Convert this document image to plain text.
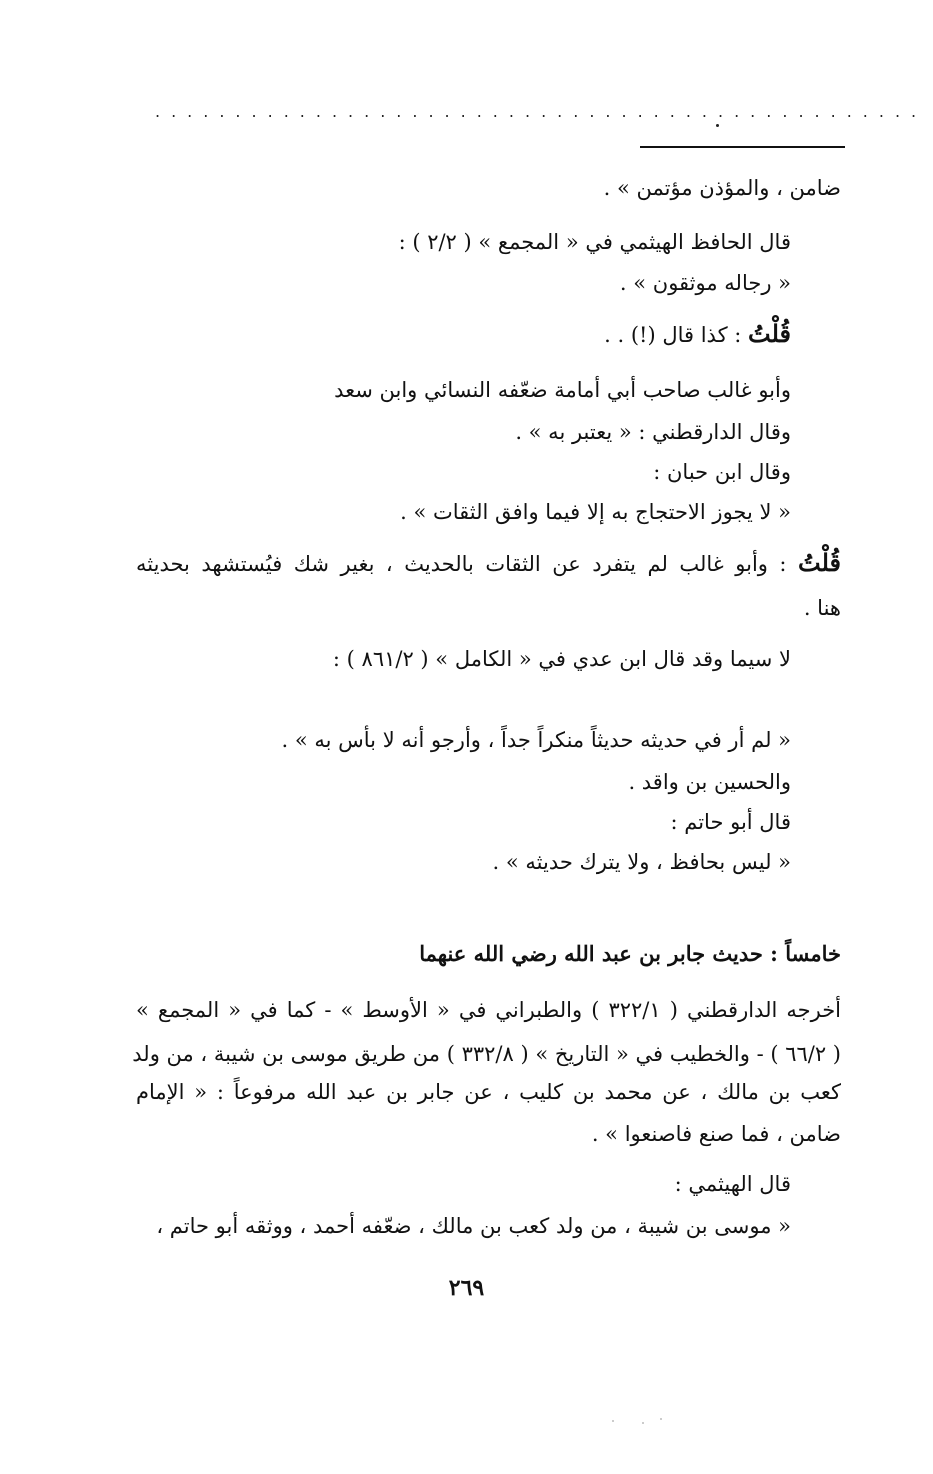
................................................
ضامن ، والمؤذن مؤتمن » .
قال الحافظ الهيثمي في « المجمع » ( ٢/٢ ) :
« رجاله موثقون » .
قُلْتُ : كذا قال (!) . .
وأبو غالب صاحب أبي أمامة ضعّفه النسائي وابن سعد
وقال الدارقطني : « يعتبر به » .
وقال ابن حبان :
« لا يجوز الاحتجاج به إلا فيما وافق الثقات » .
قُلْتُ : وأبو غالب لم يتفرد عن الثقات بالحديث ، بغير شك فيُستشهد بحديثه
هنا .
لا سيما وقد قال ابن عدي في « الكامل » ( ٨٦١/٢ ) :
« لم أر في حديثه حديثاً منكراً جداً ، وأرجو أنه لا بأس به » .
والحسين بن واقد .
قال أبو حاتم :
« ليس بحافظ ، ولا يترك حديثه » .
خامساً : حديث جابر بن عبد الله رضي الله عنهما
أخرجه الدارقطني ( ٣٢٢/١ ) والطبراني في « الأوسط » - كما في « المجمع »
( ٦٦/٢ ) - والخطيب في « التاريخ » ( ٣٣٢/٨ ) من طريق موسى بن شيبة ، من ولد
كعب بن مالك ، عن محمد بن كليب ، عن جابر بن عبد الله مرفوعاً : « الإمام
ضامن ، فما صنع فاصنعوا » .
قال الهيثمي :
« موسى بن شيبة ، من ولد كعب بن مالك ، ضعّفه أحمد ، ووثقه أبو حاتم ،
٢٦٩
